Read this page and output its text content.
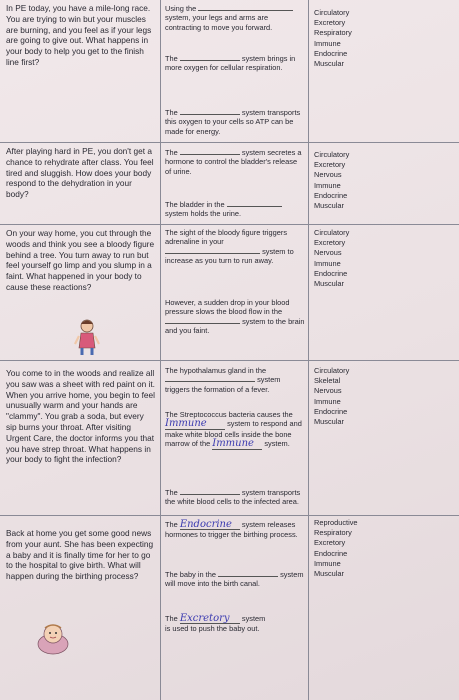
In PE today, you have a mile-long race. You are trying to win but your muscles are burning, and you feel as if your legs are going to give out. What happens in your body to help you get to the finish line first?
Using the  system, your legs and arms are contracting to move you forward.
The	system brings in more oxygen for cellular respiration.
The	system transports this oxygen to your cells so ATP can be made for energy.
Circulatory
Excretory
Respiratory
Immune
Endocrine
Muscular
After playing hard in PE, you don't get a chance to rehydrate after class. You feel tired and sluggish. How does your body respond to the dehydration in your body?
The	system secretes a hormone to control the bladder's release of urine.
The bladder in the  system holds the urine.
Circulatory
Excretory
Nervous
Immune
Endocrine
Muscular
On your way home, you cut through the woods and think you see a bloody figure behind a tree. You turn away to run but feel yourself go limp and you slump in a faint. What happened in your body to cause these reactions?
The sight of the bloody figure triggers adrenaline in your
system to increase as you turn to run away.
However, a sudden drop in your blood pressure slows the blood flow in the  system to the brain and you faint.
Circulatory
Excretory
Nervous
Immune
Endocrine
Muscular
You come to in the woods and realize all you saw was a sheet with red paint on it. When you arrive home, you begin to feel unusually warm and your hands are "clammy". You grab a soda, but every sip burns your throat. After visiting Urgent Care, the doctor informs you that you have strep throat. What happens in your body to fight the infection?
The hypothalamus gland in the
system triggers the formation of a fever.
The Streptococcus bacteria causes the Immune	system to respond and make white blood cells inside the bone marrow of the Immune system.
The	system transports the white blood cells to the infected area.
Circulatory
Skeletal
Nervous
Immune
Endocrine
Muscular
Back at home you get some good news from your aunt. She has been expecting a baby and it is finally time for her to go to the hospital to give birth. What will happen during the birthing process?
The Endocrine system releases hormones to trigger the birthing process.
The baby in the	system will move into the birth canal.
The Excretory system
is used to push the baby out.
Reproductive
Respiratory
Excretory
Endocrine
Immune
Muscular
